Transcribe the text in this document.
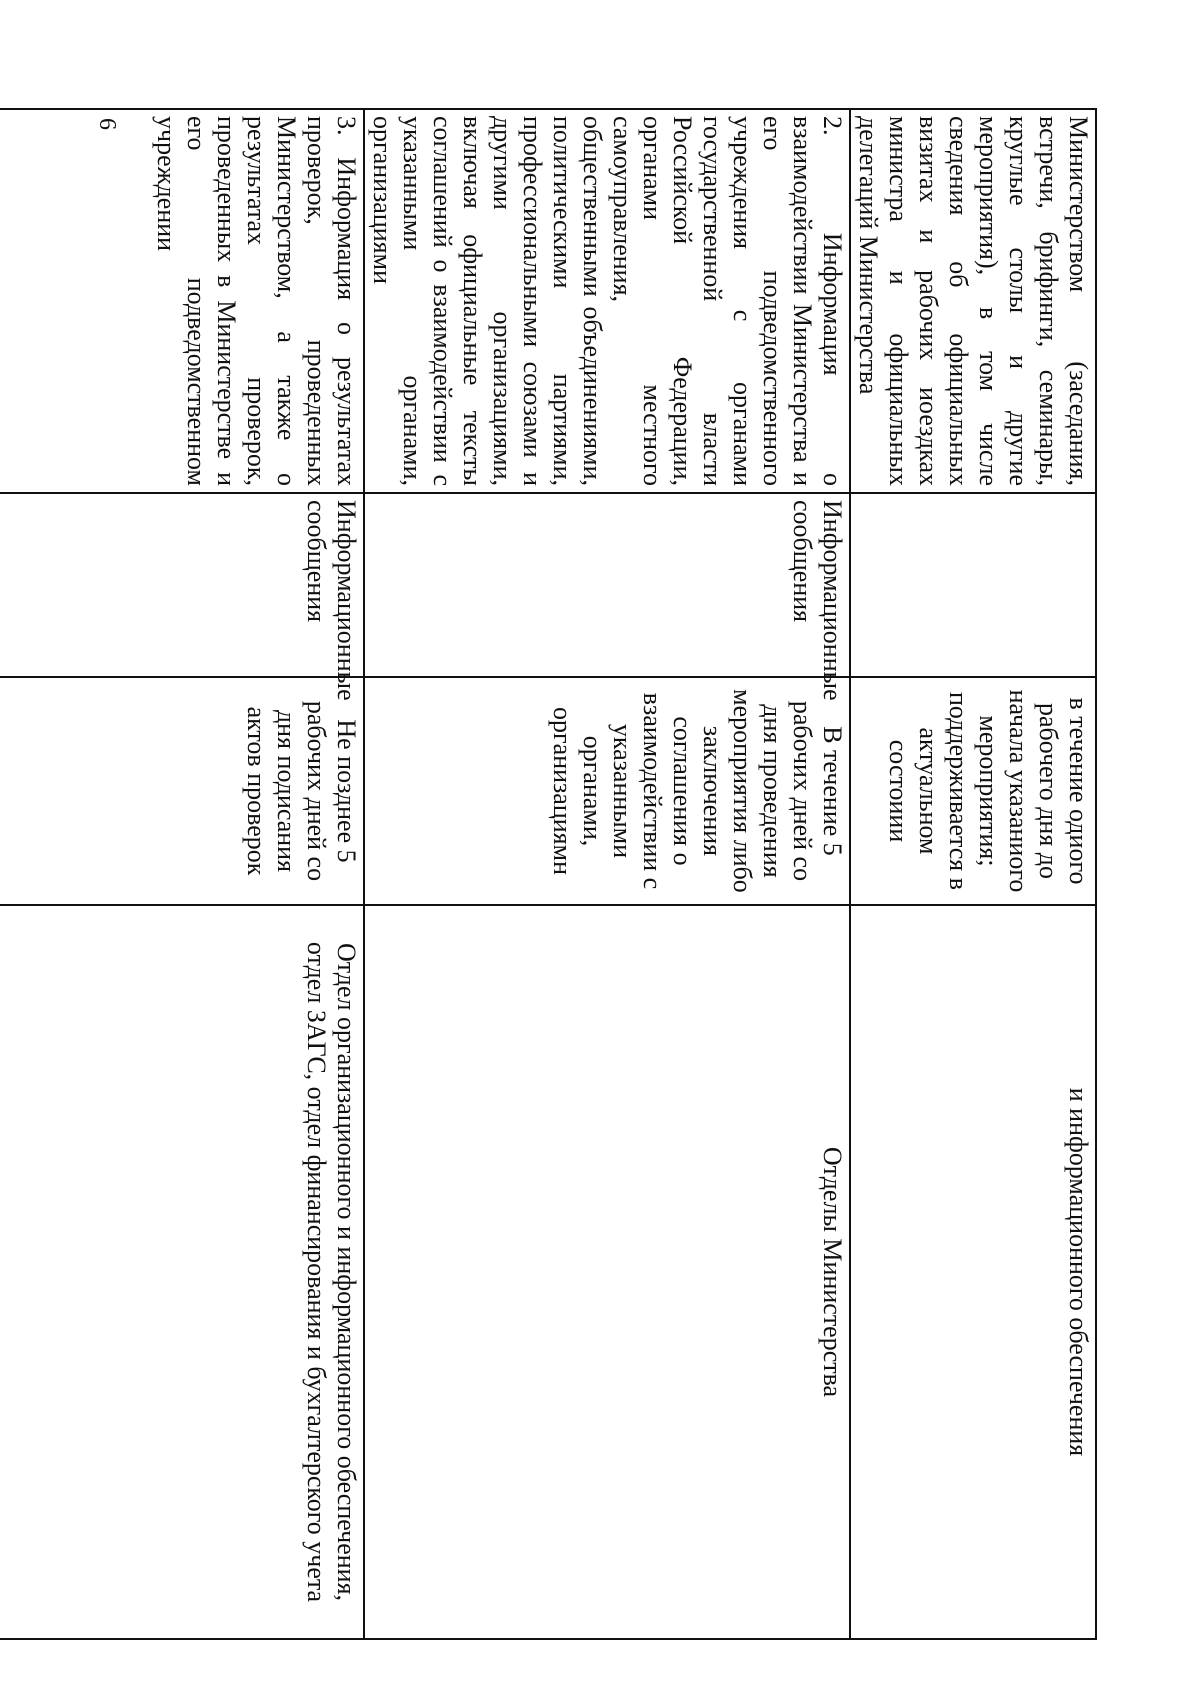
6	Министерством (заседания, встречи, брифинги, семинары, круглые столы и другие мероприятия), в том числе сведения об официальных визитах и рабочих иоездках министра и официальных делегаций Министерства		в течение одиого рабочего дня до начала указаниого мероприятия; поддерживается в актуальном состоиии	и информационного обеспечения
2. Информация о взаимодействии Министерства и его подведомственного учреждения с органами государственной власти Российской Федерации, органами местного самоуправления, общественными объединениями, политическими партиями, профессиональными союзами и другими организациями, включая официальные тексты соглашений о взаимодействии с указанными органами, организациями	Информационные сообщения	В течение 5 рабочих дней со дня проведения мероприятия либо заключения соглашения о взаимодействии с указанными органами, организациямн	Отделы Министерства
3. Информация о результатах проверок, проведенных Министерством, а также о результатах проверок, проведенных в Министерстве и его подведомственном учреждении	Информационные сообщения	Не позднее 5 рабочих дней со дня подисания актов проверок	Отдел организационного и информационного обеспечения, отдел ЗАГС, отдел финансирования и бухгалтерского учета
